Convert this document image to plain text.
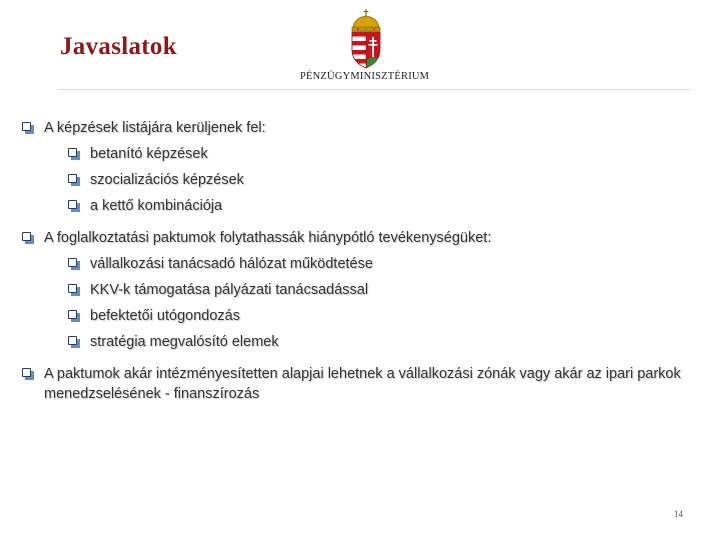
Javaslatok
PÉNZÜGYMINISZTÉRIUM
A képzések listájára kerüljenek fel:
betanító képzések
szocializációs képzések
a kettő kombinációja
A foglalkoztatási paktumok folytathassák hiánypótló tevékenységüket:
vállalkozási tanácsadó hálózat működtetése
KKV-k támogatása pályázati tanácsadással
befektetői utógondozás
stratégia megvalósító elemek
A paktumok akár intézményesítetten alapjai lehetnek a vállalkozási zónák vagy akár az ipari parkok menedzselésének - finanszírozás
14
